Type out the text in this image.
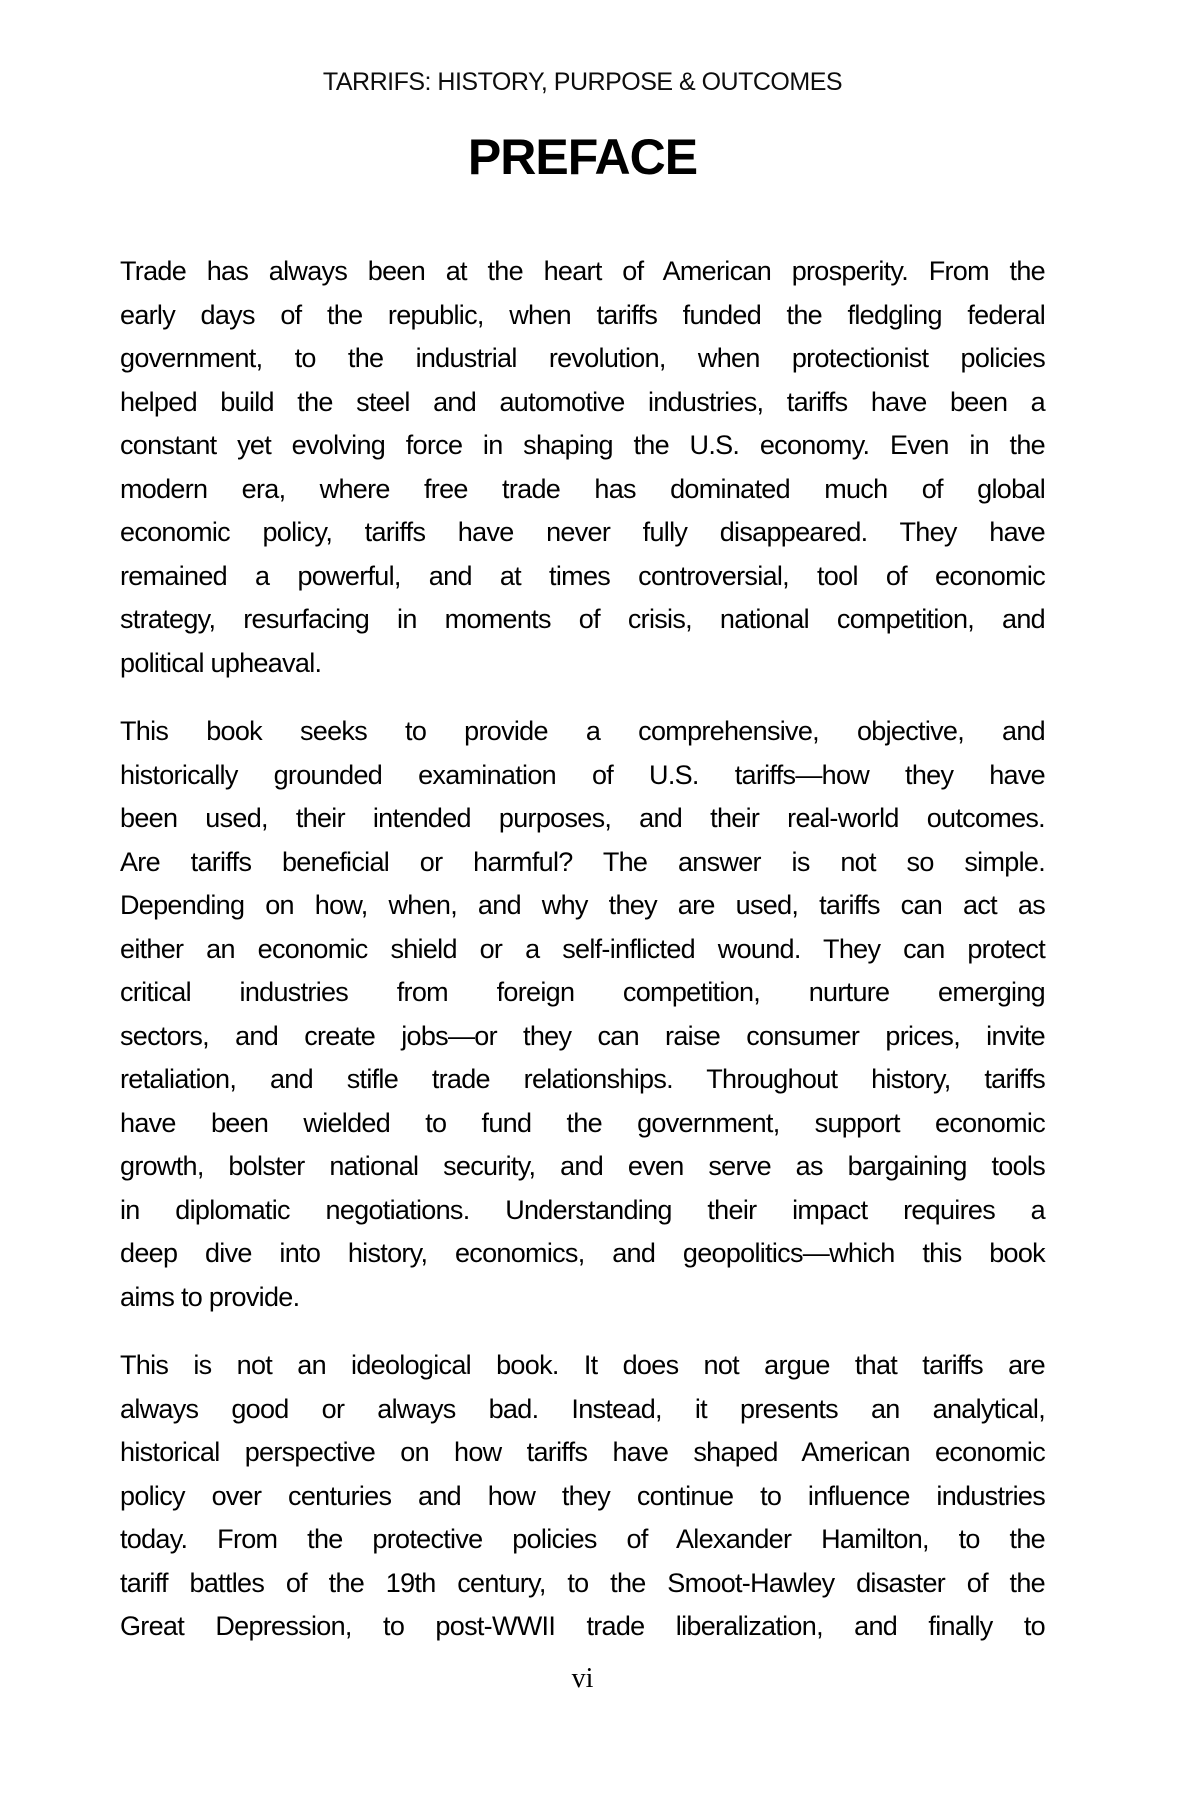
TARRIFS: HISTORY, PURPOSE & OUTCOMES
PREFACE
Trade has always been at the heart of American prosperity. From the
early days of the republic, when tariffs funded the fledgling federal
government, to the industrial revolution, when protectionist policies
helped build the steel and automotive industries, tariffs have been a
constant yet evolving force in shaping the U.S. economy. Even in the
modern era, where free trade has dominated much of global
economic policy, tariffs have never fully disappeared. They have
remained a powerful, and at times controversial, tool of economic
strategy, resurfacing in moments of crisis, national competition, and
political upheaval.
This book seeks to provide a comprehensive, objective, and
historically grounded examination of U.S. tariffs—how they have
been used, their intended purposes, and their real-world outcomes.
Are tariffs beneficial or harmful? The answer is not so simple.
Depending on how, when, and why they are used, tariffs can act as
either an economic shield or a self-inflicted wound. They can protect
critical industries from foreign competition, nurture emerging
sectors, and create jobs—or they can raise consumer prices, invite
retaliation, and stifle trade relationships. Throughout history, tariffs
have been wielded to fund the government, support economic
growth, bolster national security, and even serve as bargaining tools
in diplomatic negotiations. Understanding their impact requires a
deep dive into history, economics, and geopolitics—which this book
aims to provide.
This is not an ideological book. It does not argue that tariffs are
always good or always bad. Instead, it presents an analytical,
historical perspective on how tariffs have shaped American economic
policy over centuries and how they continue to influence industries
today. From the protective policies of Alexander Hamilton, to the
tariff battles of the 19th century, to the Smoot-Hawley disaster of the
Great Depression, to post-WWII trade liberalization, and finally to
vi
